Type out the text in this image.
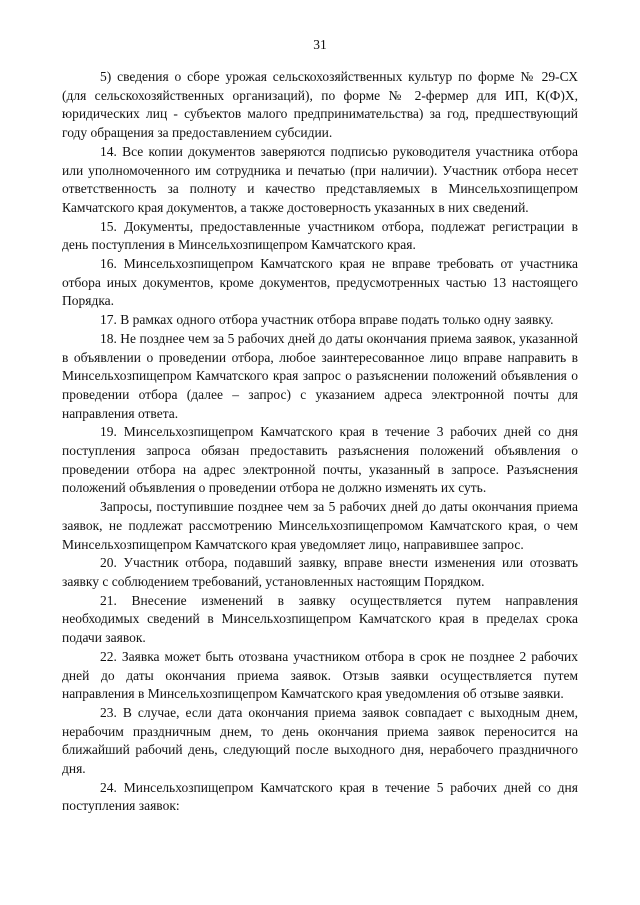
31

5) сведения о сборе урожая сельскохозяйственных культур по форме № 29-СХ (для сельскохозяйственных организаций), по форме № 2-фермер для ИП, К(Ф)Х, юридических лиц - субъектов малого предпринимательства) за год, предшествующий году обращения за предоставлением субсидии.

14. Все копии документов заверяются подписью руководителя участника отбора или уполномоченного им сотрудника и печатью (при наличии). Участник отбора несет ответственность за полноту и качество представляемых в Минсельхозпищепром Камчатского края документов, а также достоверность указанных в них сведений.

15. Документы, предоставленные участником отбора, подлежат регистрации в день поступления в Минсельхозпищепром Камчатского края.

16. Минсельхозпищепром Камчатского края не вправе требовать от участника отбора иных документов, кроме документов, предусмотренных частью 13 настоящего Порядка.

17. В рамках одного отбора участник отбора вправе подать только одну заявку.

18. Не позднее чем за 5 рабочих дней до даты окончания приема заявок, указанной в объявлении о проведении отбора, любое заинтересованное лицо вправе направить в Минсельхозпищепром Камчатского края запрос о разъяснении положений объявления о проведении отбора (далее – запрос) с указанием адреса электронной почты для направления ответа.

19. Минсельхозпищепром Камчатского края в течение 3 рабочих дней со дня поступления запроса обязан предоставить разъяснения положений объявления о проведении отбора на адрес электронной почты, указанный в запросе. Разъяснения положений объявления о проведении отбора не должно изменять их суть.

Запросы, поступившие позднее чем за 5 рабочих дней до даты окончания приема заявок, не подлежат рассмотрению Минсельхозпищепромом Камчатского края, о чем Минсельхозпищепром Камчатского края уведомляет лицо, направившее запрос.

20. Участник отбора, подавший заявку, вправе внести изменения или отозвать заявку с соблюдением требований, установленных настоящим Порядком.

21. Внесение изменений в заявку осуществляется путем направления необходимых сведений в Минсельхозпищепром Камчатского края в пределах срока подачи заявок.

22. Заявка может быть отозвана участником отбора в срок не позднее 2 рабочих дней до даты окончания приема заявок. Отзыв заявки осуществляется путем направления в Минсельхозпищепром Камчатского края уведомления об отзыве заявки.

23. В случае, если дата окончания приема заявок совпадает с выходным днем, нерабочим праздничным днем, то день окончания приема заявок переносится на ближайший рабочий день, следующий после выходного дня, нерабочего праздничного дня.

24. Минсельхозпищепром Камчатского края в течение 5 рабочих дней со дня поступления заявок:
